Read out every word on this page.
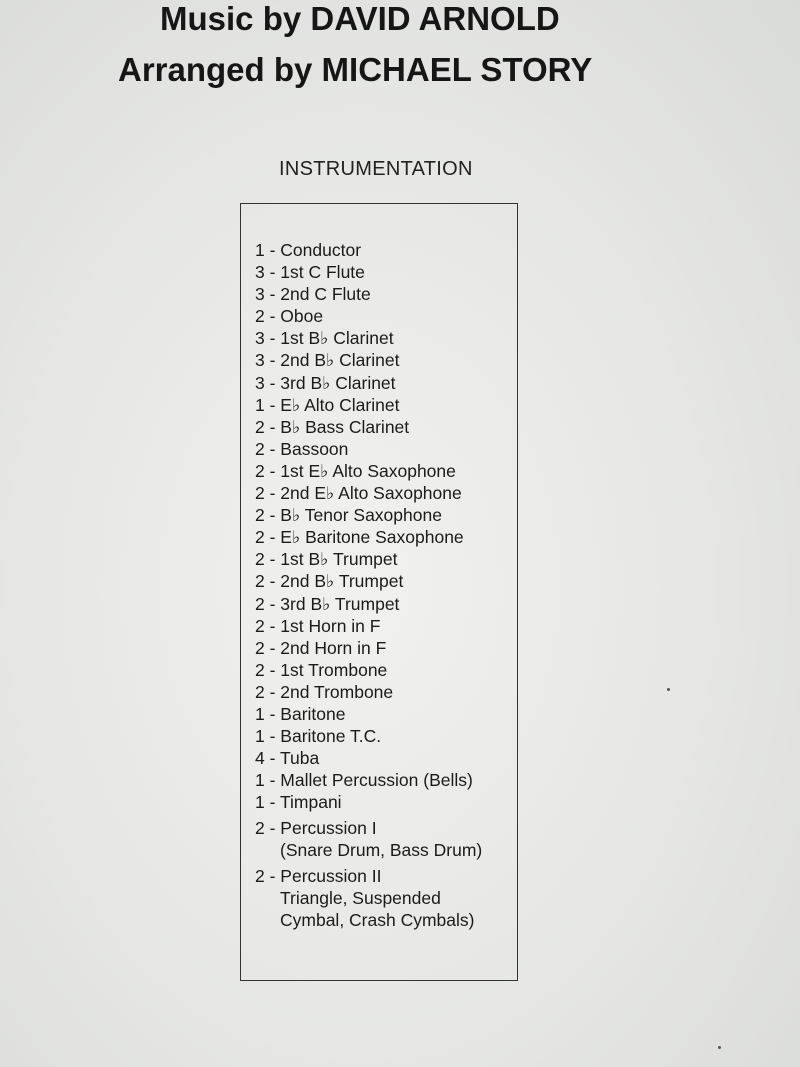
Music by DAVID ARNOLD

Arranged by MICHAEL STORY

INSTRUMENTATION
1 - Conductor
3 - 1st C Flute
3 - 2nd C Flute
2 - Oboe
3 - 1st B♭ Clarinet
3 - 2nd B♭ Clarinet
3 - 3rd B♭ Clarinet
1 - E♭ Alto Clarinet
2 - B♭ Bass Clarinet
2 - Bassoon
2 - 1st E♭ Alto Saxophone
2 - 2nd E♭ Alto Saxophone
2 - B♭ Tenor Saxophone
2 - E♭ Baritone Saxophone
2 - 1st B♭ Trumpet
2 - 2nd B♭ Trumpet
2 - 3rd B♭ Trumpet
2 - 1st Horn in F
2 - 2nd Horn in F
2 - 1st Trombone
2 - 2nd Trombone
1 - Baritone
1 - Baritone T.C.
4 - Tuba
1 - Mallet Percussion (Bells)
1 - Timpani
2 - Percussion I
(Snare Drum, Bass Drum)
2 - Percussion II
Triangle, Suspended
Cymbal, Crash Cymbals)
